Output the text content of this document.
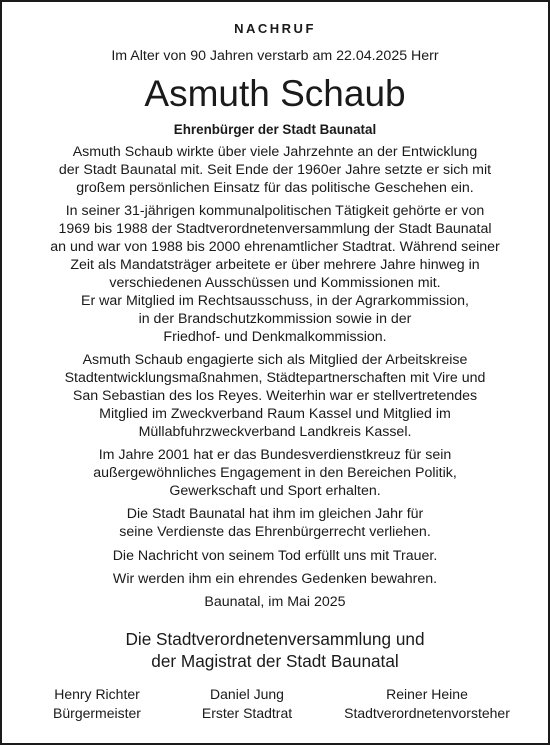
NACHRUF
Im Alter von 90 Jahren verstarb am 22.04.2025 Herr
Asmuth Schaub
Ehrenbürger der Stadt Baunatal

Asmuth Schaub wirkte über viele Jahrzehnte an der Entwicklung
der Stadt Baunatal mit. Seit Ende der 1960er Jahre setzte er sich mit
großem persönlichen Einsatz für das politische Geschehen ein.

In seiner 31-jährigen kommunalpolitischen Tätigkeit gehörte er von
1969 bis 1988 der Stadtverordnetenversammlung der Stadt Baunatal
an und war von 1988 bis 2000 ehrenamtlicher Stadtrat. Während seiner
Zeit als Mandatsträger arbeitete er über mehrere Jahre hinweg in
verschiedenen Ausschüssen und Kommissionen mit.
Er war Mitglied im Rechtsausschuss, in der Agrarkommission,
in der Brandschutzkommission sowie in der
Friedhof- und Denkmalkommission.

Asmuth Schaub engagierte sich als Mitglied der Arbeitskreise
Stadtentwicklungsmaßnahmen, Städtepartnerschaften mit Vire und
San Sebastian des los Reyes. Weiterhin war er stellvertretendes
Mitglied im Zweckverband Raum Kassel und Mitglied im
Müllabfuhrzweckverband Landkreis Kassel.

Im Jahre 2001 hat er das Bundesverdienstkreuz für sein
außergewöhnliches Engagement in den Bereichen Politik,
Gewerkschaft und Sport erhalten.

Die Stadt Baunatal hat ihm im gleichen Jahr für
seine Verdienste das Ehrenbürgerrecht verliehen.

Die Nachricht von seinem Tod erfüllt uns mit Trauer.

Wir werden ihm ein ehrendes Gedenken bewahren.

Baunatal, im Mai 2025

Die Stadtverordnetenversammlung und
der Magistrat der Stadt Baunatal
Henry Richter
Bürgermeister
Daniel Jung
Erster Stadtrat
Reiner Heine
Stadtverordnetenvorsteher
